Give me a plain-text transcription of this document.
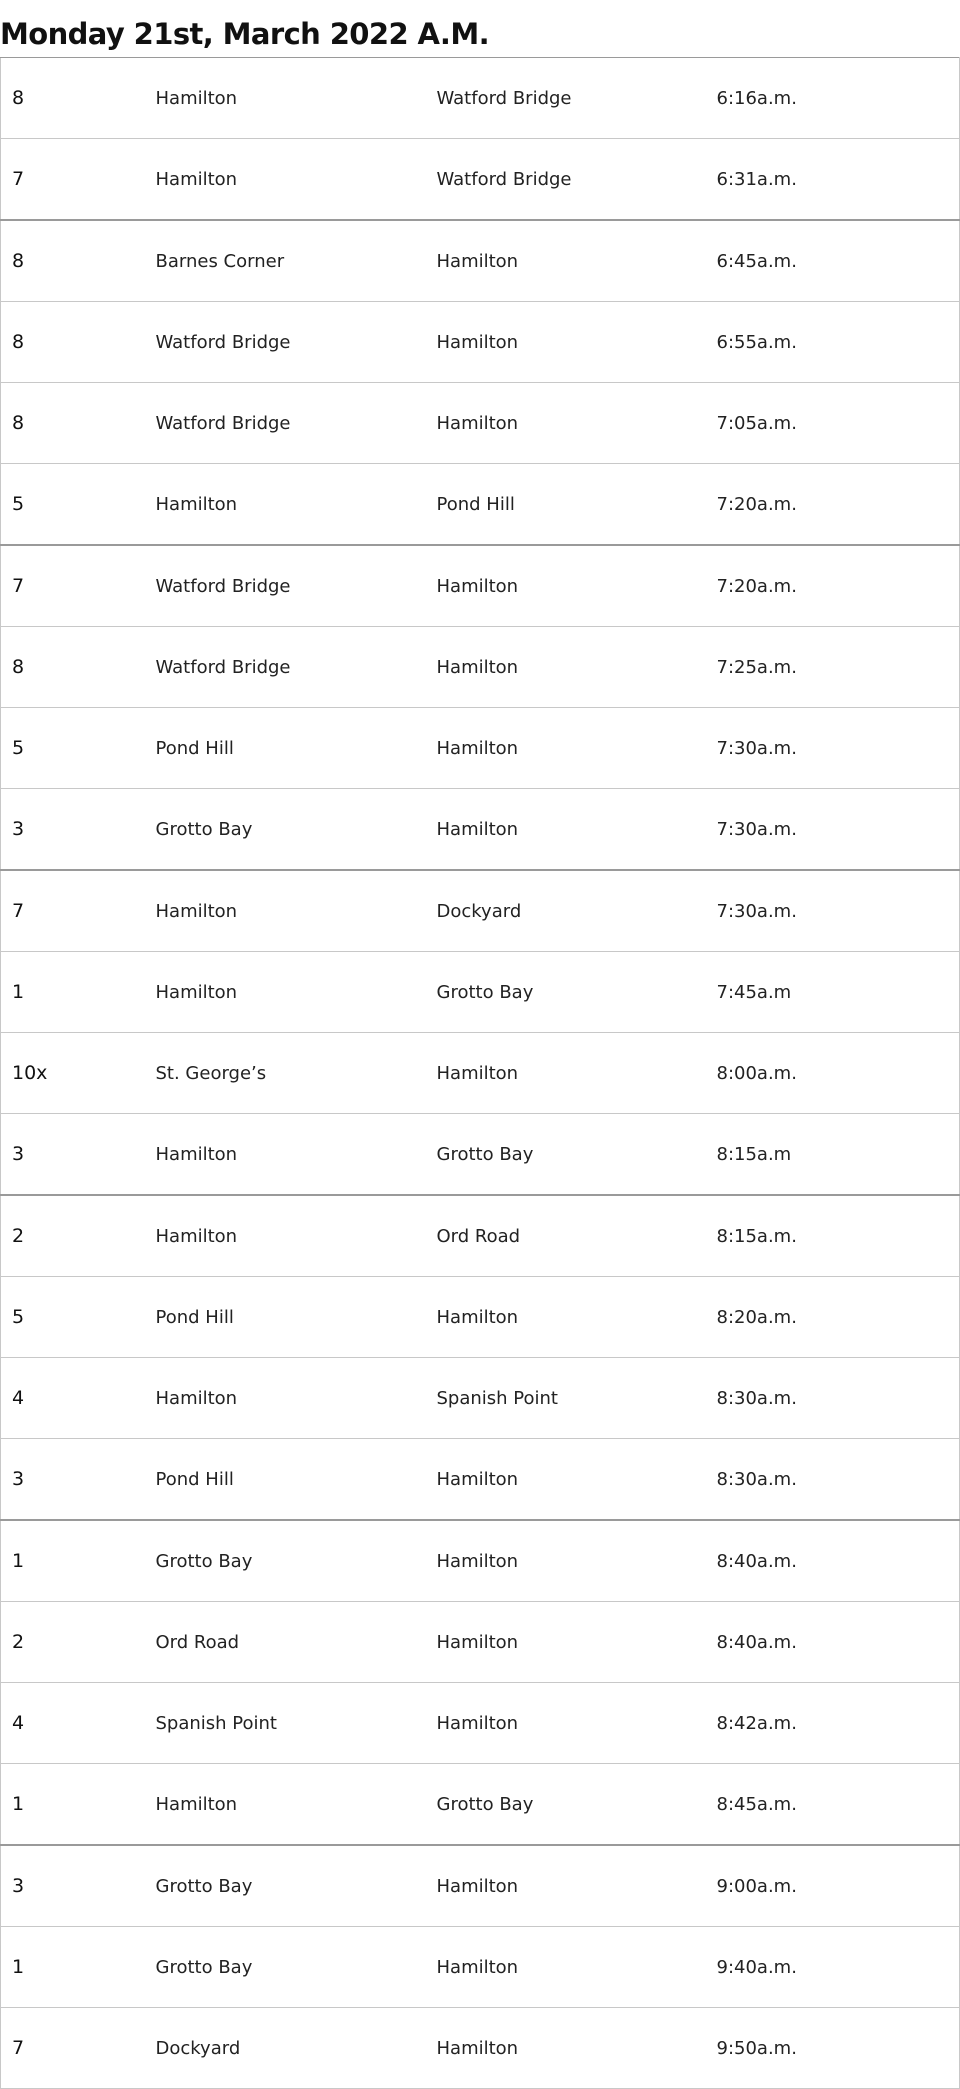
Monday 21st, March 2022 A.M.
8	Hamilton	Watford Bridge	6:16a.m.
7	Hamilton	Watford Bridge	6:31a.m.
8	Barnes Corner	Hamilton	6:45a.m.
8	Watford Bridge	Hamilton	6:55a.m.
8	Watford Bridge	Hamilton	7:05a.m.
5	Hamilton	Pond Hill	7:20a.m.
7	Watford Bridge	Hamilton	7:20a.m.
8	Watford Bridge	Hamilton	7:25a.m.
5	Pond Hill	Hamilton	7:30a.m.
3	Grotto Bay	Hamilton	7:30a.m.
7	Hamilton	Dockyard	7:30a.m.
1	Hamilton	Grotto Bay	7:45a.m
10x	St. George’s	Hamilton	8:00a.m.
3	Hamilton	Grotto Bay	8:15a.m
2	Hamilton	Ord Road	8:15a.m.
5	Pond Hill	Hamilton	8:20a.m.
4	Hamilton	Spanish Point	8:30a.m.
3	Pond Hill	Hamilton	8:30a.m.
1	Grotto Bay	Hamilton	8:40a.m.
2	Ord Road	Hamilton	8:40a.m.
4	Spanish Point	Hamilton	8:42a.m.
1	Hamilton	Grotto Bay	8:45a.m.
3	Grotto Bay	Hamilton	9:00a.m.
1	Grotto Bay	Hamilton	9:40a.m.
7	Dockyard	Hamilton	9:50a.m.
